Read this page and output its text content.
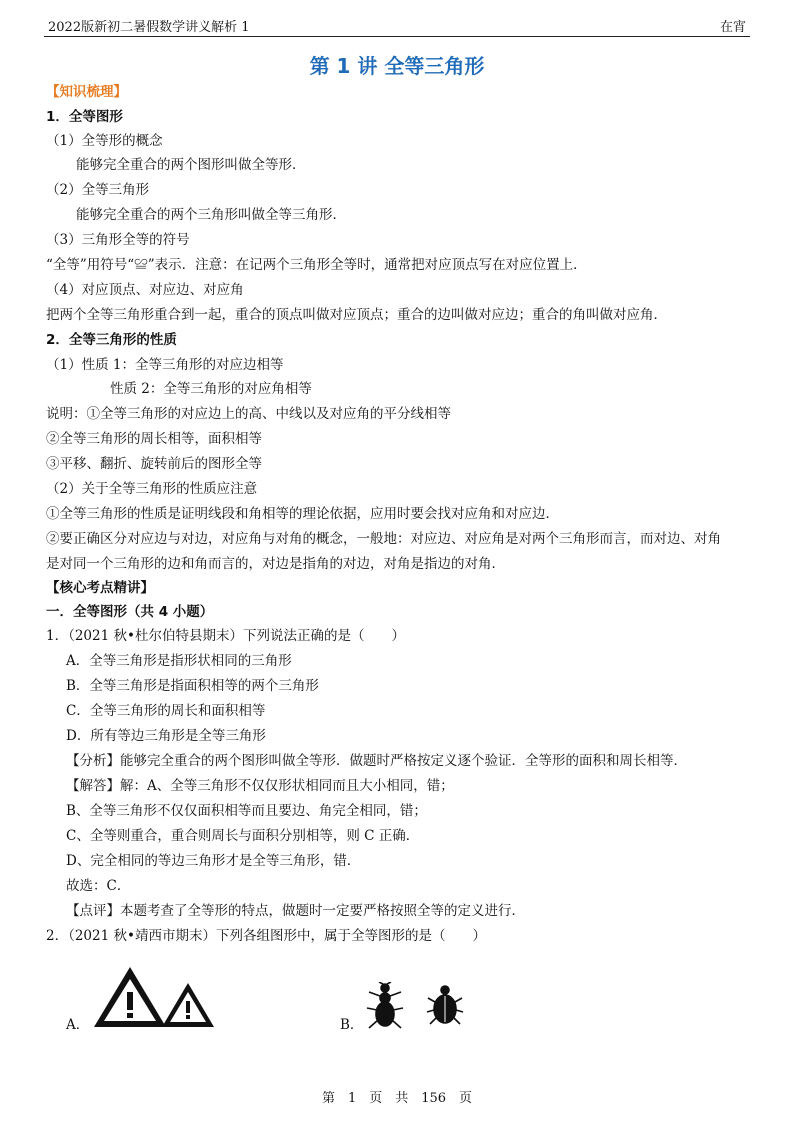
2022版新初二暑假数学讲义解析 1	在宵
第 1 讲 全等三角形
【知识梳理】
1．全等图形
（1）全等形的概念
能够完全重合的两个图形叫做全等形．
（2）全等三角形
能够完全重合的两个三角形叫做全等三角形．
（3）三角形全等的符号
“全等”用符号“≌”表示．注意：在记两个三角形全等时，通常把对应顶点写在对应位置上．
（4）对应顶点、对应边、对应角
把两个全等三角形重合到一起，重合的顶点叫做对应顶点；重合的边叫做对应边；重合的角叫做对应角．
2．全等三角形的性质
（1）性质 1：全等三角形的对应边相等
性质 2：全等三角形的对应角相等
说明：①全等三角形的对应边上的高、中线以及对应角的平分线相等
②全等三角形的周长相等，面积相等
③平移、翻折、旋转前后的图形全等
（2）关于全等三角形的性质应注意
①全等三角形的性质是证明线段和角相等的理论依据，应用时要会找对应角和对应边．
②要正确区分对应边与对边，对应角与对角的概念，一般地：对应边、对应角是对两个三角形而言，而对边、对角
是对同一个三角形的边和角而言的，对边是指角的对边，对角是指边的对角．
【核心考点精讲】
一．全等图形（共 4 小题）
1．（2021 秋•杜尔伯特县期末）下列说法正确的是（　　）
A．全等三角形是指形状相同的三角形
B．全等三角形是指面积相等的两个三角形
C．全等三角形的周长和面积相等
D．所有等边三角形是全等三角形
【分析】能够完全重合的两个图形叫做全等形．做题时严格按定义逐个验证．全等形的面积和周长相等．
【解答】解：A、全等三角形不仅仅形状相同而且大小相同，错；
B、全等三角形不仅仅面积相等而且要边、角完全相同，错；
C、全等则重合，重合则周长与面积分别相等，则 C 正确．
D、完全相同的等边三角形才是全等三角形，错．
故选：C．
【点评】本题考查了全等形的特点，做题时一定要严格按照全等的定义进行．
2．（2021 秋•靖西市期末）下列各组图形中，属于全等图形的是（　　）
A．	B．
第　1　页　共　156　页
